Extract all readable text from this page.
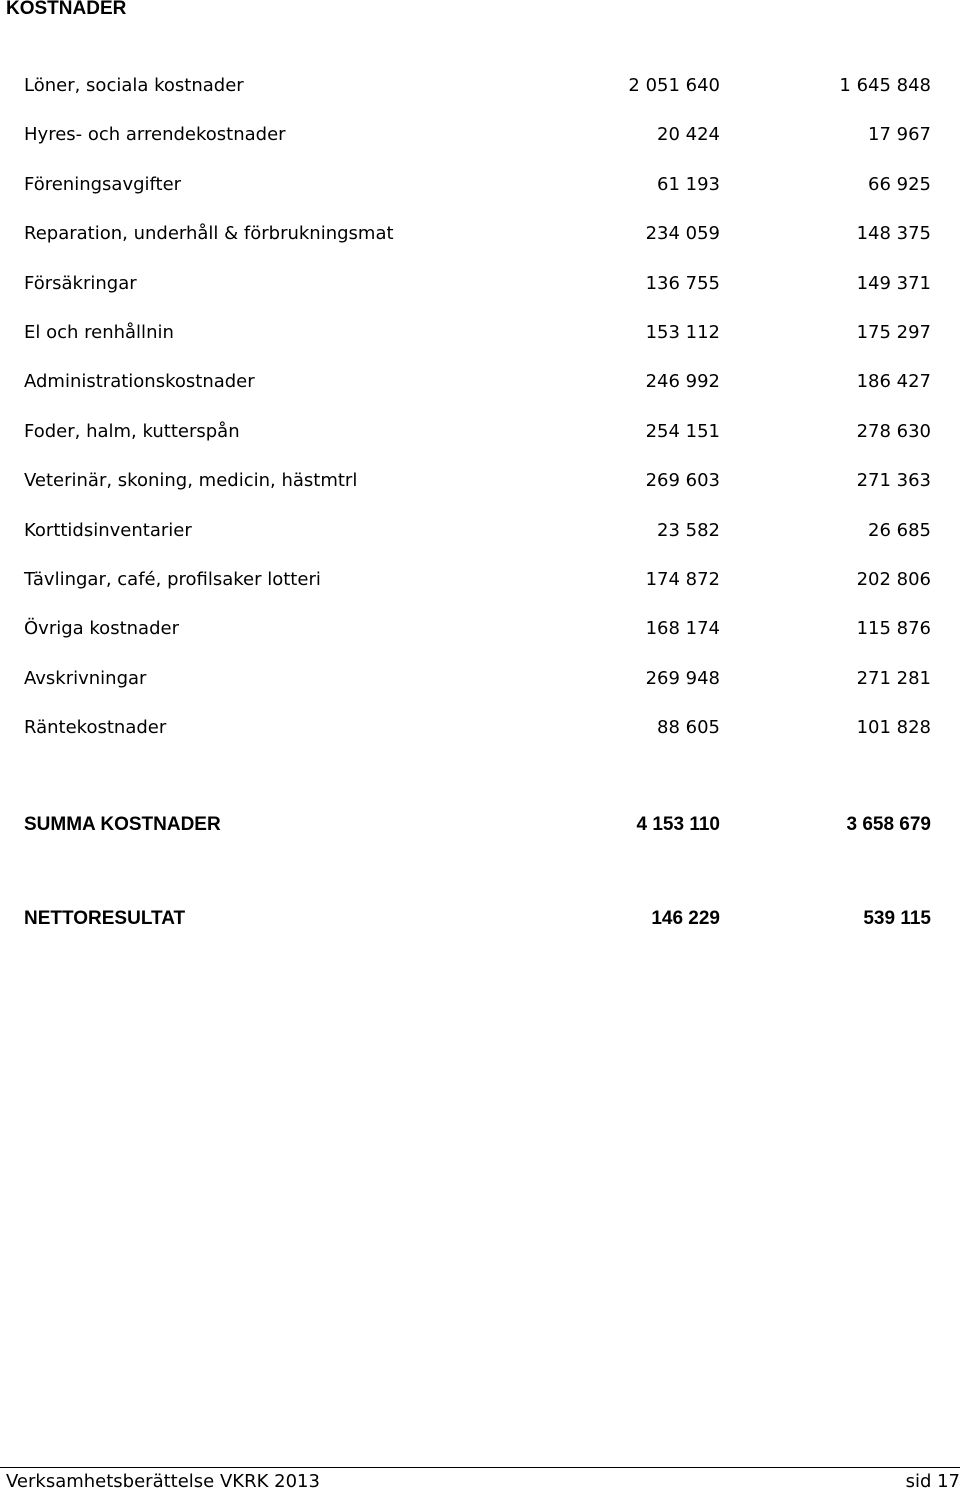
KOSTNADER
Löner, sociala kostnader	2 051 640	1 645 848
Hyres- och arrendekostnader	20 424	17 967
Föreningsavgifter	61 193	66 925
Reparation, underhåll & förbrukningsmat	234 059	148 375
Försäkringar	136 755	149 371
El och renhållnin	153 112	175 297
Administrationskostnader	246 992	186 427
Foder, halm, kutterspån	254 151	278 630
Veterinär, skoning, medicin, hästmtrl	269 603	271 363
Korttidsinventarier	23 582	26 685
Tävlingar, café, profilsaker lotteri	174 872	202 806
Övriga kostnader	168 174	115 876
Avskrivningar	269 948	271 281
Räntekostnader	88 605	101 828
SUMMA KOSTNADER	4 153 110	3 658 679
NETTORESULTAT	146 229	539 115
Verksamhetsberättelse VKRK 2013	sid 17
